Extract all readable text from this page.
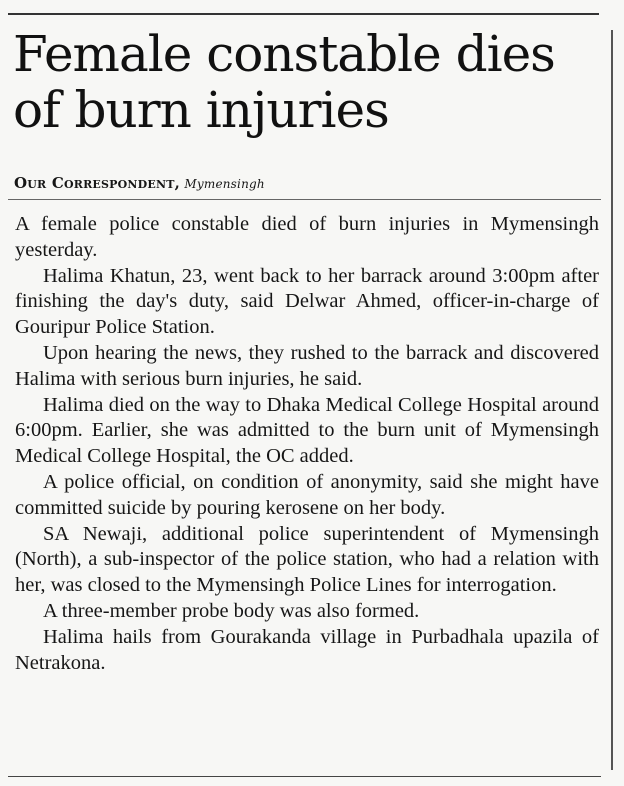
Female constable dies of burn injuries
Our Correspondent, Mymensingh

A female police constable died of burn injuries in Mymensingh yesterday.

Halima Khatun, 23, went back to her barrack around 3:00pm after finishing the day's duty, said Delwar Ahmed, officer-in-charge of Gouripur Police Station.

Upon hearing the news, they rushed to the barrack and discovered Halima with serious burn injuries, he said.

Halima died on the way to Dhaka Medical College Hospital around 6:00pm. Earlier, she was admitted to the burn unit of Mymensingh Medical College Hospital, the OC added.

A police official, on condition of anonymity, said she might have committed suicide by pouring kerosene on her body.

SA Newaji, additional police superintendent of Mymensingh (North), a sub-inspector of the police station, who had a relation with her, was closed to the Mymensingh Police Lines for interrogation.

A three-member probe body was also formed.

Halima hails from Gourakanda village in Purbadhala upazila of Netrakona.
